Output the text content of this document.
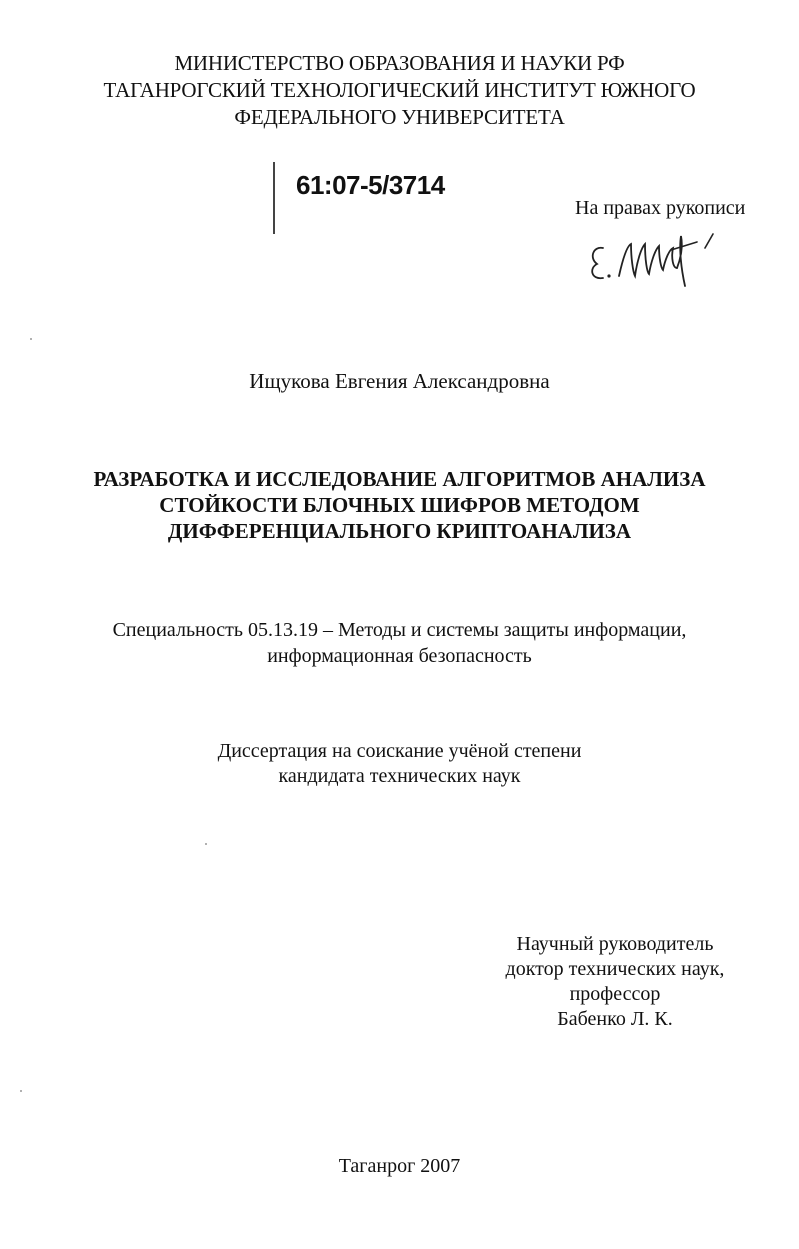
МИНИСТЕРСТВО ОБРАЗОВАНИЯ И НАУКИ РФ
ТАГАНРОГСКИЙ ТЕХНОЛОГИЧЕСКИЙ ИНСТИТУТ ЮЖНОГО
ФЕДЕРАЛЬНОГО УНИВЕРСИТЕТА
61:07-5/3714
На правах рукописи
Ищукова Евгения Александровна
РАЗРАБОТКА И ИССЛЕДОВАНИЕ АЛГОРИТМОВ АНАЛИЗА
СТОЙКОСТИ БЛОЧНЫХ ШИФРОВ МЕТОДОМ
ДИФФЕРЕНЦИАЛЬНОГО КРИПТОАНАЛИЗА
Специальность 05.13.19 – Методы и системы защиты информации,
информационная безопасность
Диссертация на соискание учёной степени
кандидата технических наук
Научный руководитель
доктор технических наук,
профессор
Бабенко Л. К.
Таганрог 2007
